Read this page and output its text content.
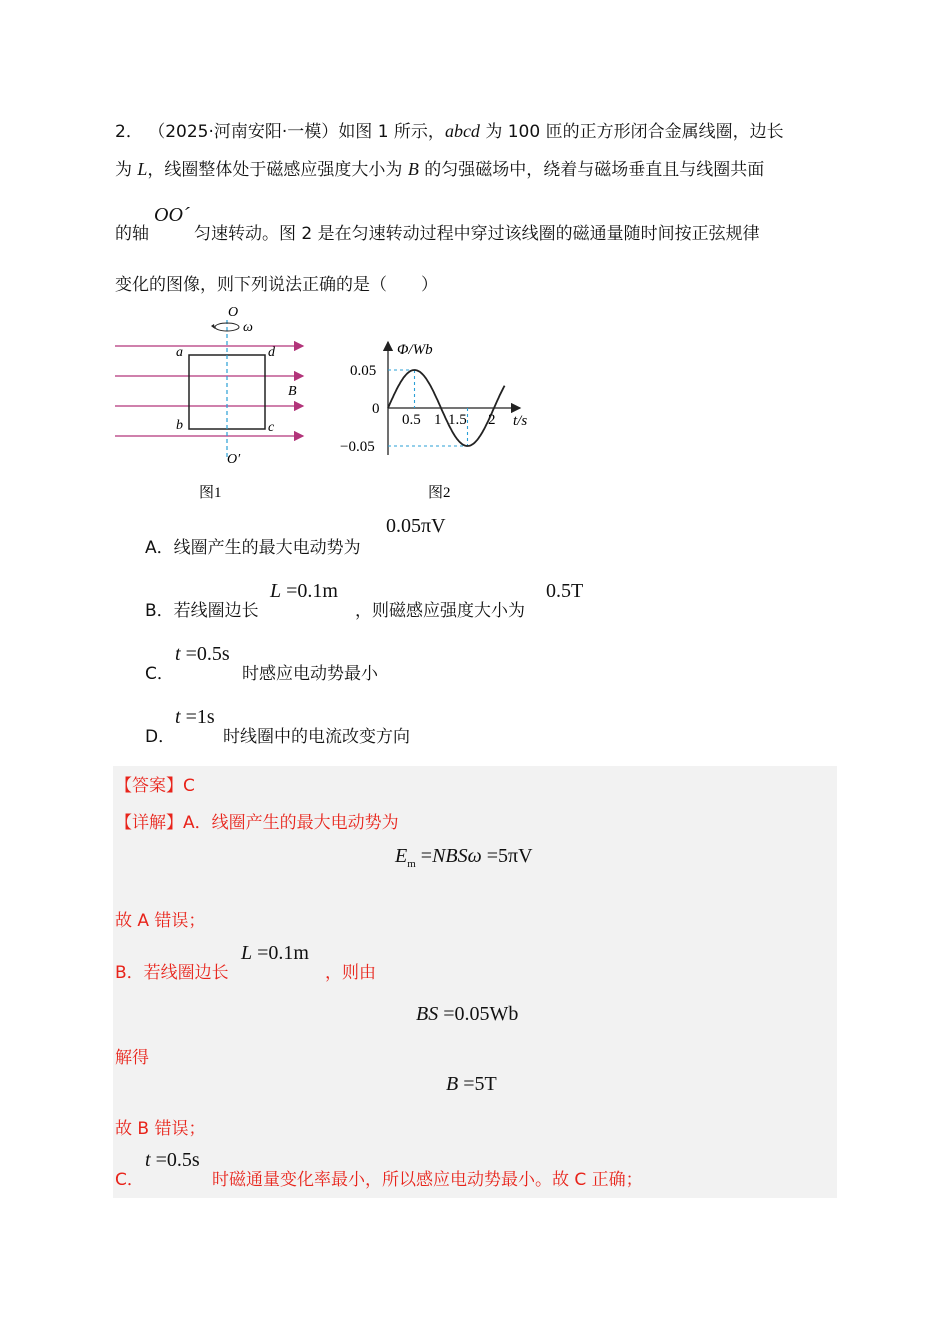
2． （2025·河南安阳·一模）如图 1 所示，abcd 为 100 匝的正方形闭合金属线圈，边长
为 L，线圈整体处于磁感应强度大小为 B 的匀强磁场中，绕着与磁场垂直且与线圈共面
的轴
OO´
匀速转动。图 2 是在匀速转动过程中穿过该线圈的磁通量随时间按正弦规律
变化的图像，则下列说法正确的是（　　）
O
ω
a	d
B
b	c
O′
图1
Φ/Wb
t/s
0.05
0
−0.05
0.5 1 1.5 2
图2
A．线圈产生的最大电动势为
0.05πV
B．若线圈边长
L =0.1m
，则磁感应强度大小为
0.5T
C．
t =0.5s
时感应电动势最小
D．
t =1s
时线圈中的电流改变方向
【答案】C
【详解】A．线圈产生的最大电动势为
$E_m =NBS\omega =5\pi V$
故 A 错误；
B．若线圈边长
L =0.1m
，则由
BS =0.05Wb
解得
B =5T
故 B 错误；
C．
t =0.5s
时磁通量变化率最小，所以感应电动势最小。故 C 正确；
